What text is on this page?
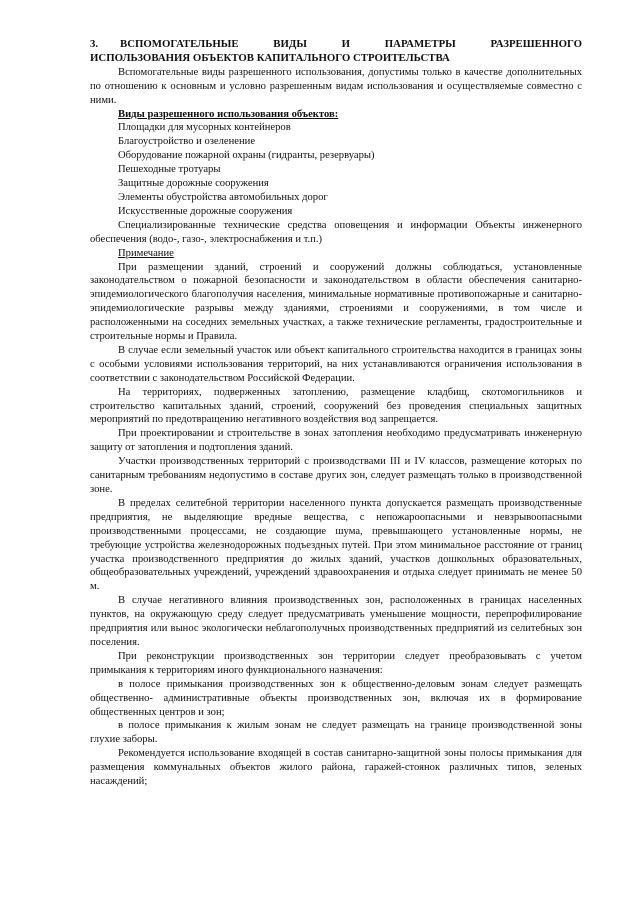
3.	ВСПОМОГАТЕЛЬНЫЕ ВИДЫ И ПАРАМЕТРЫ РАЗРЕШЕННОГО
ИСПОЛЬЗОВАНИЯ ОБЪЕКТОВ КАПИТАЛЬНОГО СТРОИТЕЛЬСТВА

Вспомогательные виды разрешенного использования, допустимы только в качестве дополнительных по отношению к основным и условно разрешенным видам использования и осуществляемые совместно с ними.

Виды разрешенного использования объектов:
Площадки для мусорных контейнеров
Благоустройство и озеленение
Оборудование пожарной охраны (гидранты, резервуары)
Пешеходные тротуары
Защитные дорожные сооружения
Элементы обустройства автомобильных дорог
Искусственные дорожные сооружения

Специализированные технические средства оповещения и информации Объекты инженерного обеспечения (водо-, газо-, электроснабжения и т.п.)

Примечание

При размещении зданий, строений и сооружений должны соблюдаться, установленные законодательством о пожарной безопасности и законодательством в области обеспечения санитарно-эпидемиологического благополучия населения, минимальные нормативные противопожарные и санитарно-эпидемиологические разрывы между зданиями, строениями и сооружениями, в том числе и расположенными на соседних земельных участках, а также технические регламенты, градостроительные и строительные нормы и Правила.

В случае если земельный участок или объект капитального строительства находится в границах зоны с особыми условиями использования территорий, на них устанавливаются ограничения использования в соответствии с законодательством Российской Федерации.

На территориях, подверженных затоплению, размещение кладбищ, скотомогильников и строительство капитальных зданий, строений, сооружений без проведения специальных защитных мероприятий по предотвращению негативного воздействия вод запрещается.

При проектировании и строительстве в зонах затопления необходимо предусматривать инженерную защиту от затопления и подтопления зданий.

Участки производственных территорий с производствами III и IV классов, размещение которых по санитарным требованиям недопустимо в составе других зон, следует размещать только в производственной зоне.

В пределах селитебной территории населенного пункта допускается размещать производственные предприятия, не выделяющие вредные вещества, с непожароопасными и невзрывоопасными производственными процессами, не создающие шума, превышающего установленные нормы, не требующие устройства железнодорожных подъездных путей. При этом минимальное расстояние от границ участка производственного предприятия до жилых зданий, участков дошкольных образовательных, общеобразовательных учреждений, учреждений здравоохранения и отдыха следует принимать не менее 50 м.

В случае негативного влияния производственных зон, расположенных в границах населенных пунктов, на окружающую среду следует предусматривать уменьшение мощности, перепрофилирование предприятия или вынос экологически неблагополучных производственных предприятий из селитебных зон поселения.

При реконструкции производственных зон территории следует преобразовывать с учетом примыкания к территориям иного функционального назначения:

в полосе примыкания производственных зон к общественно-деловым зонам следует размещать общественно- административные объекты производственных зон, включая их в формирование общественных центров и зон;

в полосе примыкания к жилым зонам не следует размещать на границе производственной зоны глухие заборы.

Рекомендуется использование входящей в состав санитарно-защитной зоны полосы примыкания для размещения коммунальных объектов жилого района, гаражей-стоянок различных типов, зеленых насаждений;
